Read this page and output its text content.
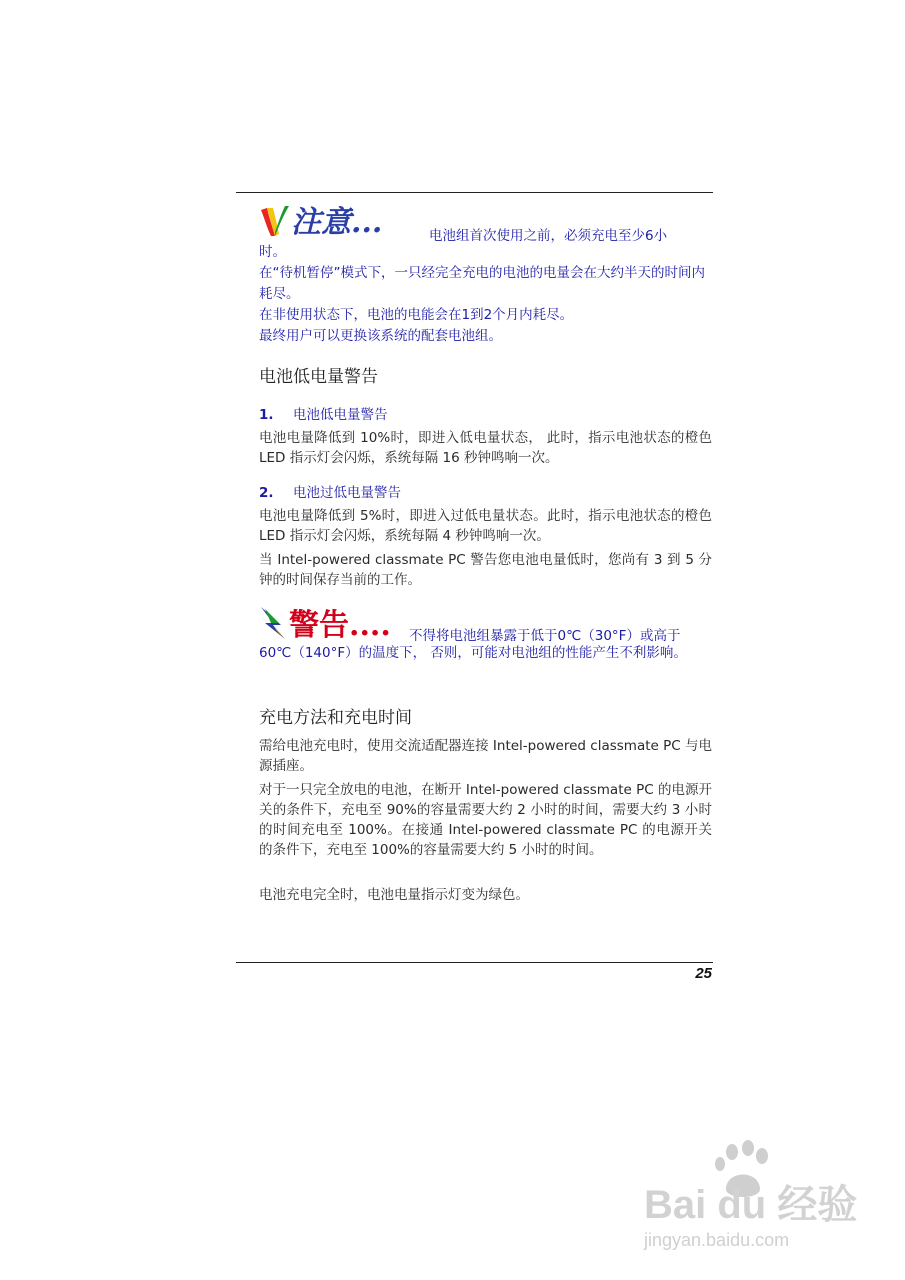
注意...	电池组首次使用之前，必须充电至少6小
时。
在“待机暂停”模式下，一只经完全充电的电池的电量会在大约半天的时间内耗尽。
在非使用状态下，电池的电能会在1到2个月内耗尽。
最终用户可以更换该系统的配套电池组。
电池低电量警告
1. 电池低电量警告
电池电量降低到 10%时，即进入低电量状态， 此时，指示电池状态的橙色 LED 指示灯会闪烁，系统每隔 16 秒钟鸣响一次。
2. 电池过低电量警告
电池电量降低到 5%时，即进入过低电量状态。此时，指示电池状态的橙色 LED 指示灯会闪烁，系统每隔 4 秒钟鸣响一次。
当 Intel-powered classmate PC 警告您电池电量低时，您尚有 3 到 5 分钟的时间保存当前的工作。
警告.... 不得将电池组暴露于低于0℃（30°F）或高于
60℃（140°F）的温度下， 否则，可能对电池组的性能产生不利影响。
充电方法和充电时间
需给电池充电时，使用交流适配器连接 Intel-powered classmate PC 与电源插座。
对于一只完全放电的电池，在断开 Intel-powered classmate PC 的电源开关的条件下，充电至 90%的容量需要大约 2 小时的时间，需要大约 3 小时的时间充电至 100%。在接通 Intel-powered classmate PC 的电源开关的条件下，充电至 100%的容量需要大约 5 小时的时间。
电池充电完全时，电池电量指示灯变为绿色。
25
Bai du 经验
jingyan.baidu.com
